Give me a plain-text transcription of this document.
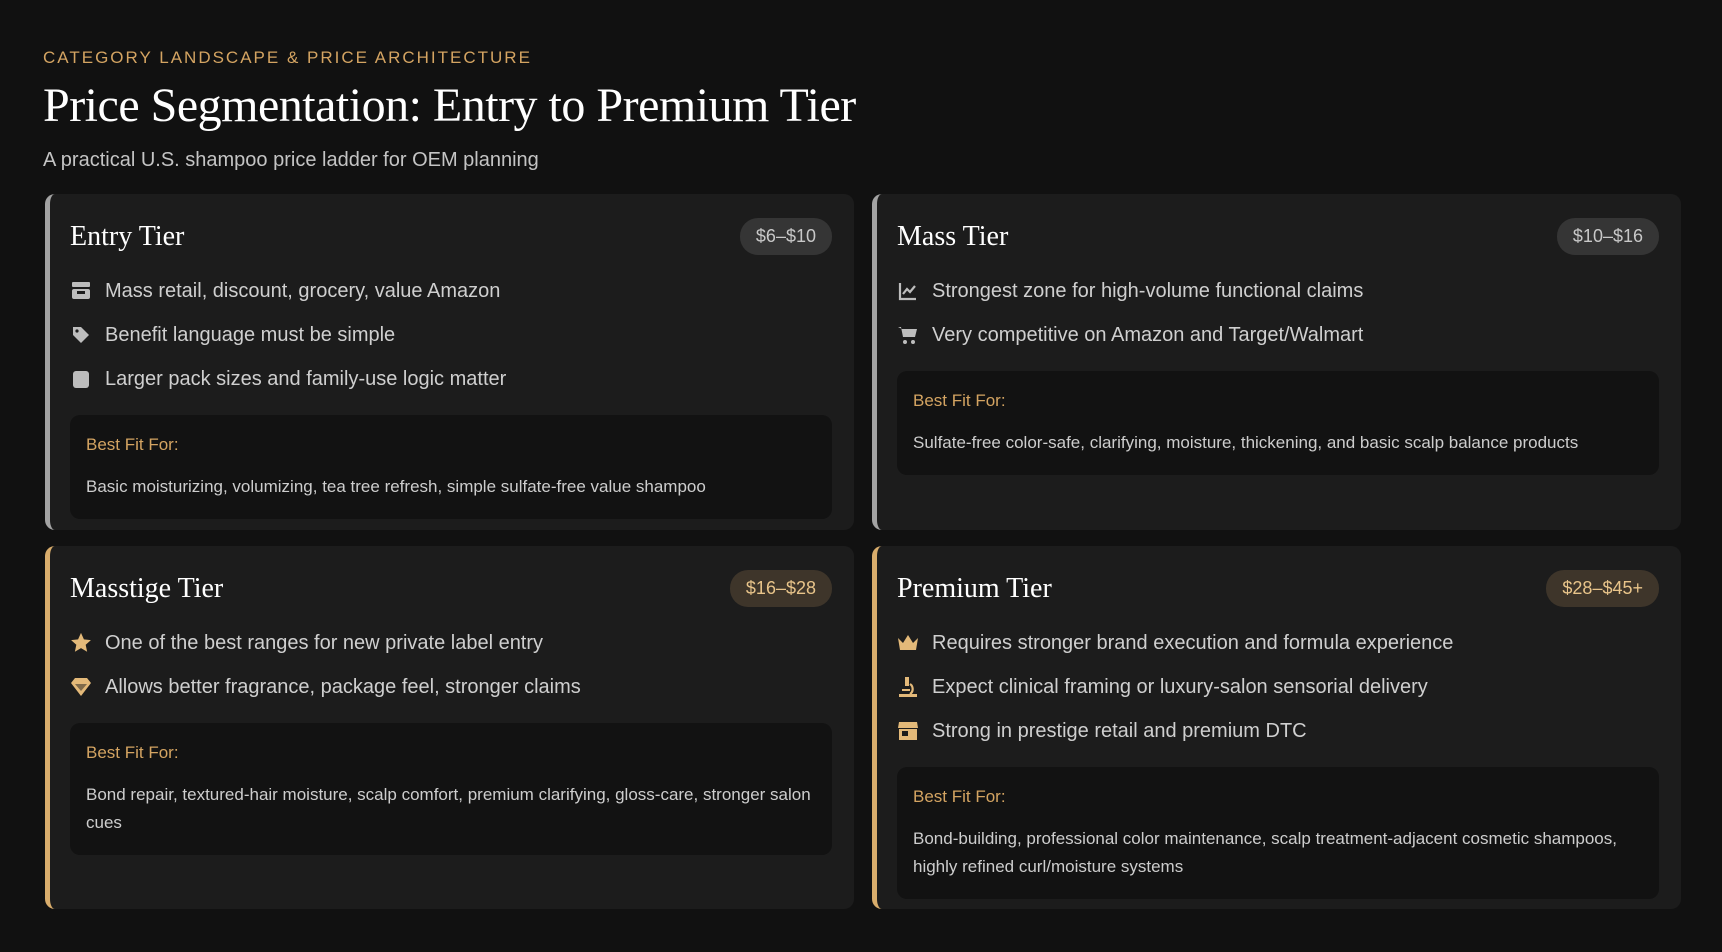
CATEGORY LANDSCAPE & PRICE ARCHITECTURE
Price Segmentation: Entry to Premium Tier
A practical U.S. shampoo price ladder for OEM planning
Entry Tier	$6–$10
Mass retail, discount, grocery, value Amazon
Benefit language must be simple
Larger pack sizes and family-use logic matter
Best Fit For:
Basic moisturizing, volumizing, tea tree refresh, simple sulfate-free value shampoo
Mass Tier	$10–$16
Strongest zone for high-volume functional claims
Very competitive on Amazon and Target/Walmart
Best Fit For:
Sulfate-free color-safe, clarifying, moisture, thickening, and basic scalp balance products
Masstige Tier	$16–$28
One of the best ranges for new private label entry
Allows better fragrance, package feel, stronger claims
Best Fit For:
Bond repair, textured-hair moisture, scalp comfort, premium clarifying, gloss-care, stronger salon cues
Premium Tier	$28–$45+
Requires stronger brand execution and formula experience
Expect clinical framing or luxury-salon sensorial delivery
Strong in prestige retail and premium DTC
Best Fit For:
Bond-building, professional color maintenance, scalp treatment-adjacent cosmetic shampoos, highly refined curl/moisture systems
